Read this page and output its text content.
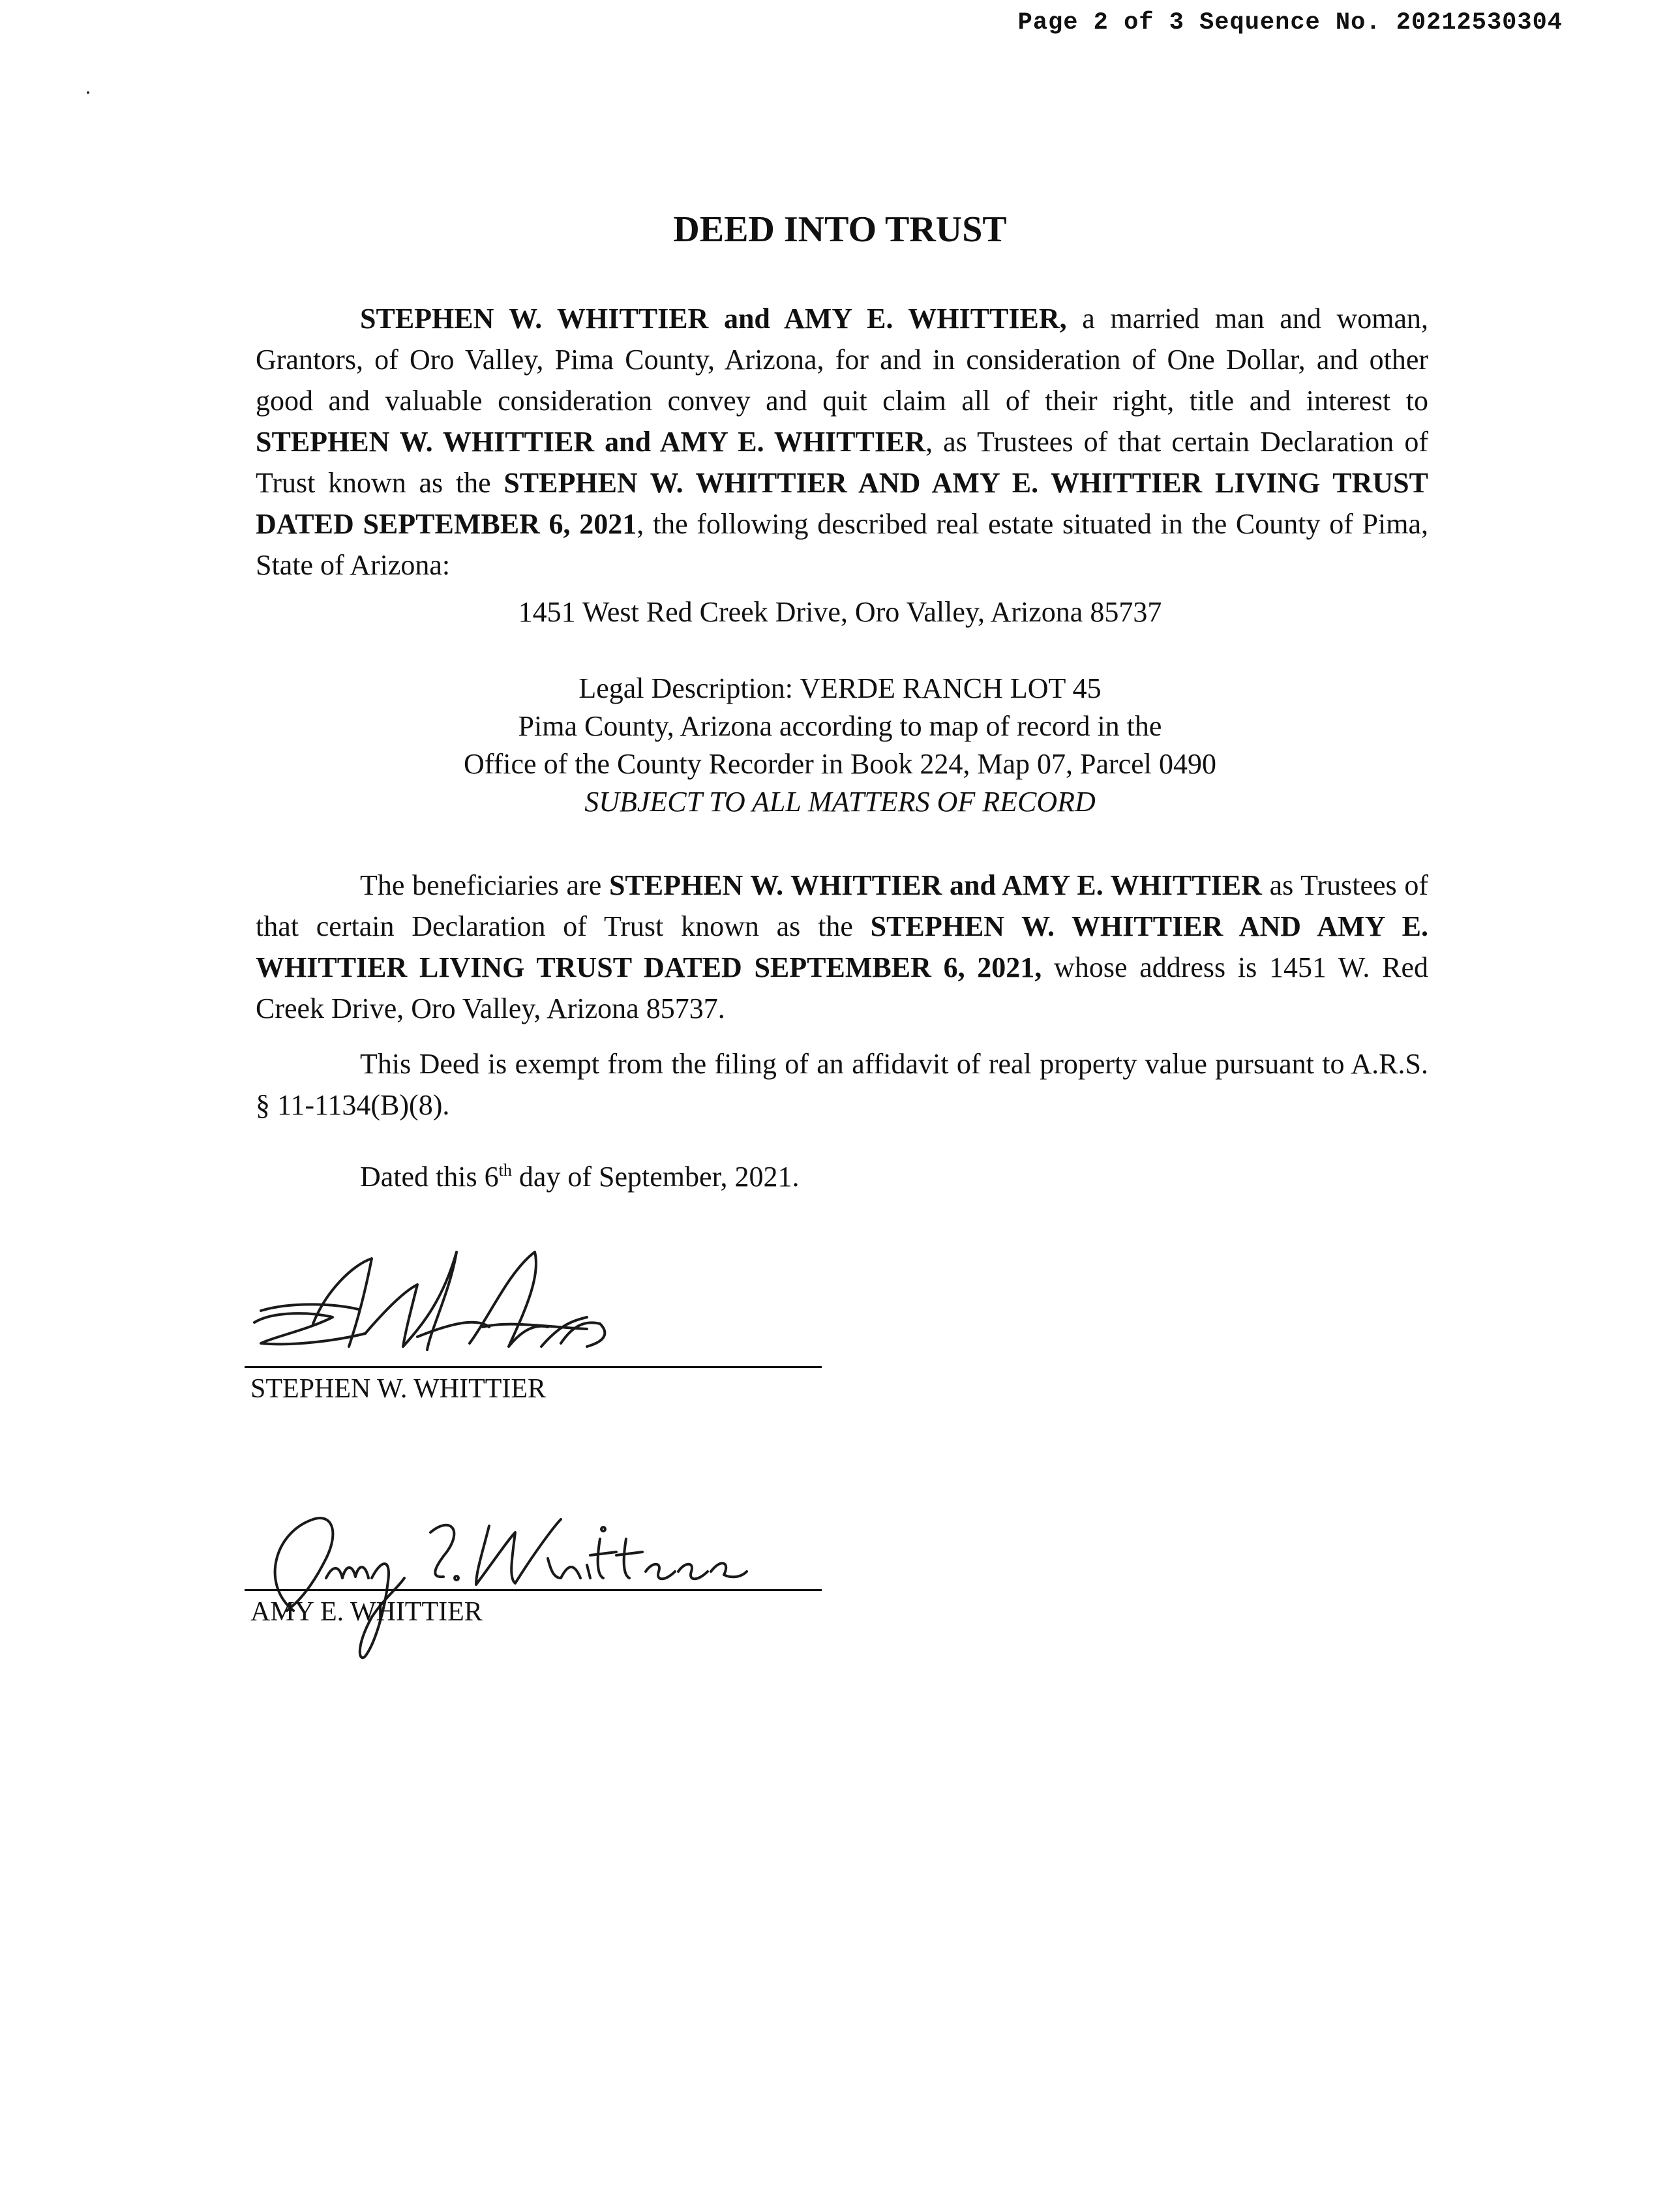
Page 2 of 3 Sequence No. 20212530304
DEED INTO TRUST

STEPHEN W. WHITTIER and AMY E. WHITTIER, a married man and woman, Grantors, of Oro Valley, Pima County, Arizona, for and in consideration of One Dollar, and other good and valuable consideration convey and quit claim all of their right, title and interest to STEPHEN W. WHITTIER and AMY E. WHITTIER, as Trustees of that certain Declaration of Trust known as the STEPHEN W. WHITTIER AND AMY E. WHITTIER LIVING TRUST DATED SEPTEMBER 6, 2021, the following described real estate situated in the County of Pima, State of Arizona:

1451 West Red Creek Drive, Oro Valley, Arizona 85737

Legal Description: VERDE RANCH LOT 45

Pima County, Arizona according to map of record in the

Office of the County Recorder in Book 224, Map 07, Parcel 0490

SUBJECT TO ALL MATTERS OF RECORD

The beneficiaries are STEPHEN W. WHITTIER and AMY E. WHITTIER as Trustees of that certain Declaration of Trust known as the STEPHEN W. WHITTIER AND AMY E. WHITTIER LIVING TRUST DATED SEPTEMBER 6, 2021, whose address is 1451 W. Red Creek Drive, Oro Valley, Arizona 85737.

This Deed is exempt from the filing of an affidavit of real property value pursuant to A.R.S. § 11-1134(B)(8).

Dated this 6th day of September, 2021.

STEPHEN W. WHITTIER
AMY E. WHITTIER
